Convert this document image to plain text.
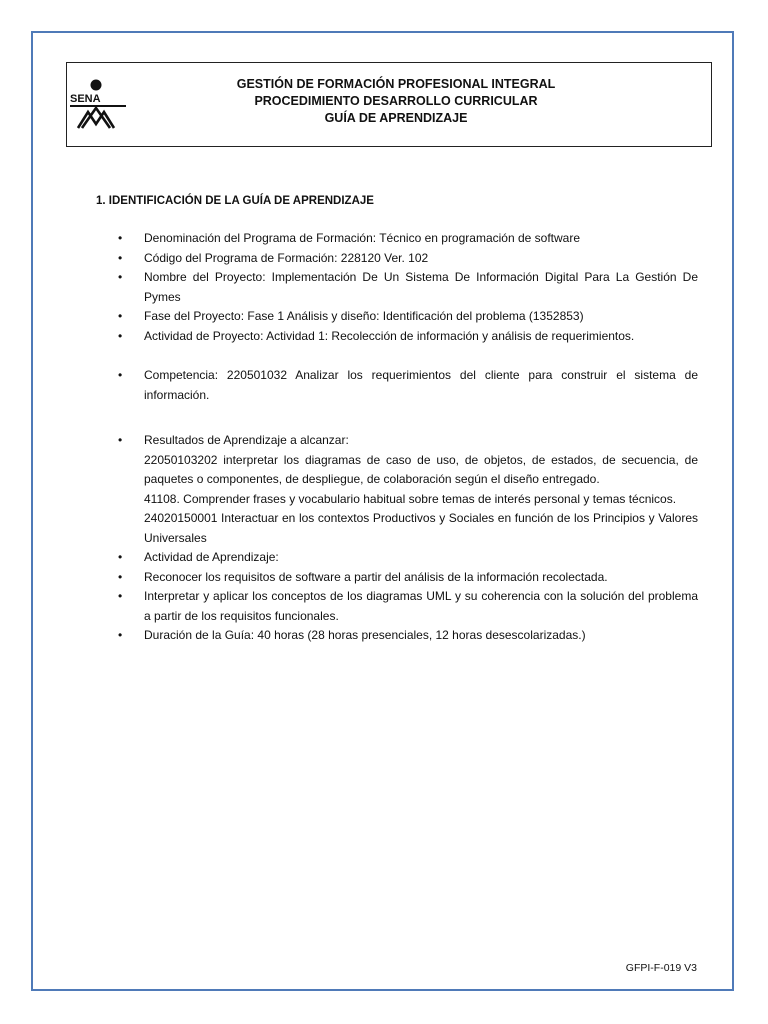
SENA
GESTIÓN DE FORMACIÓN PROFESIONAL INTEGRAL
PROCEDIMIENTO DESARROLLO CURRICULAR
GUÍA DE APRENDIZAJE
1. IDENTIFICACIÓN DE LA GUÍA DE APRENDIZAJE
• Denominación del Programa de Formación: Técnico en programación de software
• Código del Programa de Formación: 228120 Ver. 102
• Nombre del Proyecto: Implementación De Un Sistema De Información Digital Para La Gestión De Pymes
• Fase del Proyecto: Fase 1 Análisis y diseño: Identificación del problema (1352853)
• Actividad de Proyecto: Actividad 1: Recolección de información y análisis de requerimientos.
• Competencia: 220501032 Analizar los requerimientos del cliente para construir el sistema de información.
• Resultados de Aprendizaje a alcanzar:
22050103202 interpretar los diagramas de caso de uso, de objetos, de estados, de secuencia, de paquetes o componentes, de despliegue, de colaboración según el diseño entregado.
41108. Comprender frases y vocabulario habitual sobre temas de interés personal y temas técnicos.
24020150001 Interactuar en los contextos Productivos y Sociales en función de los Principios y Valores Universales
• Actividad de Aprendizaje:
• Reconocer los requisitos de software a partir del análisis de la información recolectada.
• Interpretar y aplicar los conceptos de los diagramas UML y su coherencia con la solución del problema a partir de los requisitos funcionales.
• Duración de la Guía: 40 horas (28 horas presenciales, 12 horas desescolarizadas.)
GFPI-F-019 V3
